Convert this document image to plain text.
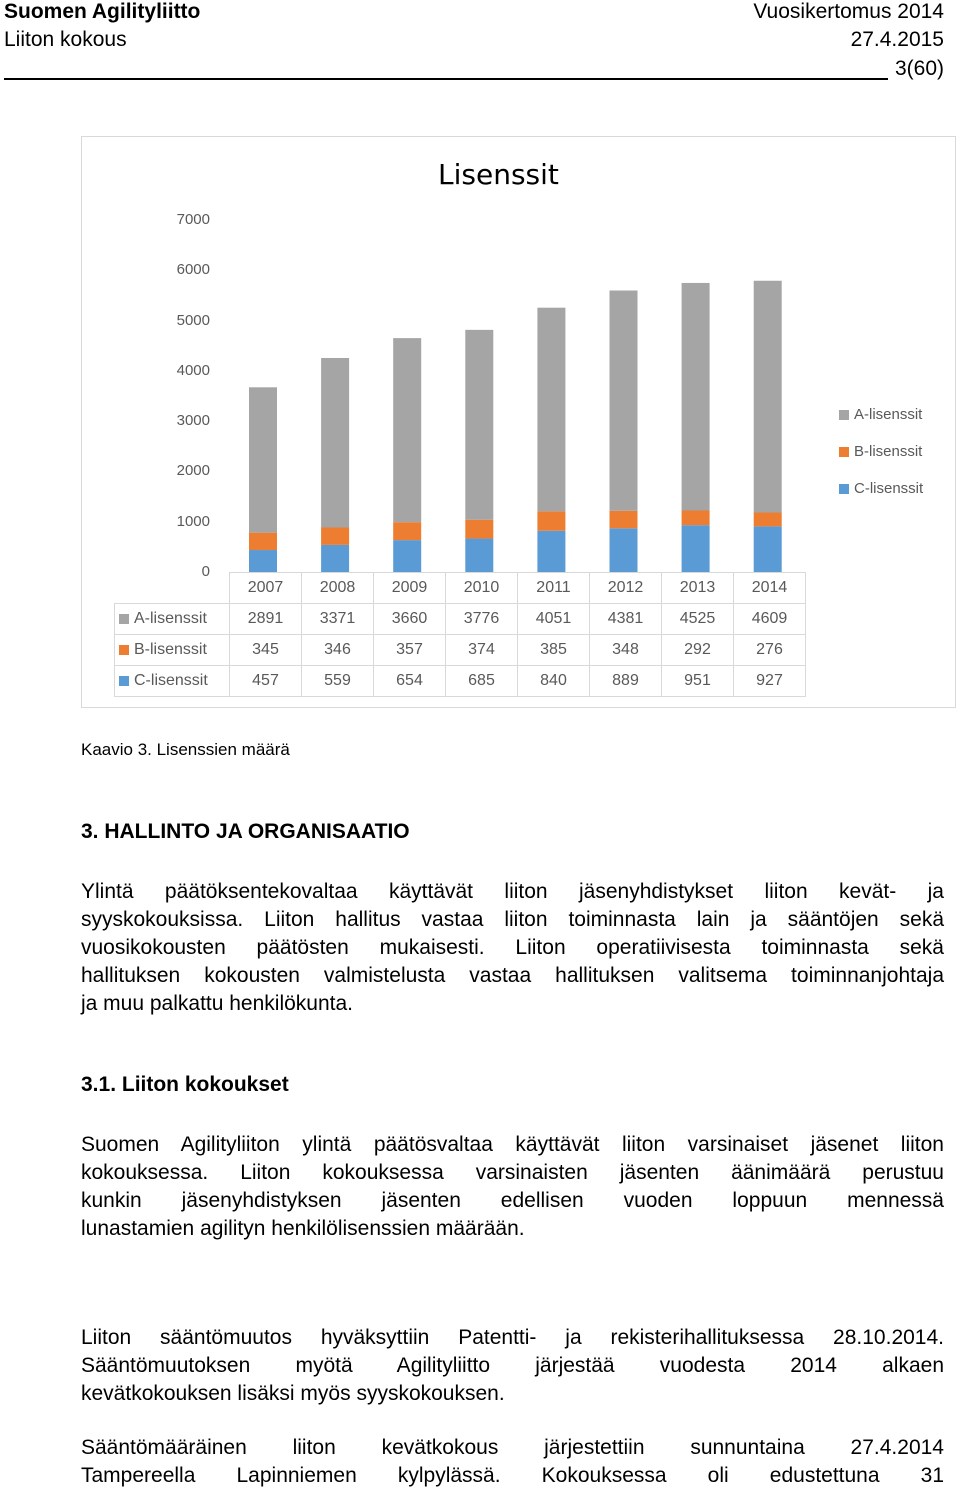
Suomen Agilityliitto	Vuosikertomus 2014
Liiton kokous	27.4.2015
3(60)
Lisenssit
0
1000
2000
3000
4000
5000
6000
7000
A-lisenssit
B-lisenssit
C-lisenssit
	2007	2008	2009	2010	2011	2012	2013	2014
A-lisenssit	2891	3371	3660	3776	4051	4381	4525	4609
B-lisenssit	345	346	357	374	385	348	292	276
C-lisenssit	457	559	654	685	840	889	951	927
Kaavio 3. Lisenssien määrä
3. HALLINTO JA ORGANISAATIO
Ylintä päätöksentekovaltaa käyttävät liiton jäsenyhdistykset liiton kevät- ja
syyskokouksissa. Liiton hallitus vastaa liiton toiminnasta lain ja sääntöjen sekä
vuosikokousten päätösten mukaisesti. Liiton operatiivisesta toiminnasta sekä
hallituksen kokousten valmistelusta vastaa hallituksen valitsema toiminnanjohtaja
ja muu palkattu henkilökunta.
3.1. Liiton kokoukset
Suomen Agilityliiton ylintä päätösvaltaa käyttävät liiton varsinaiset jäsenet liiton
kokouksessa. Liiton kokouksessa varsinaisten jäsenten äänimäärä perustuu
kunkin jäsenyhdistyksen jäsenten edellisen vuoden loppuun mennessä
lunastamien agilityn henkilölisenssien määrään.
Liiton sääntömuutos hyväksyttiin Patentti- ja rekisterihallituksessa 28.10.2014.
Sääntömuutoksen myötä Agilityliitto järjestää vuodesta 2014 alkaen
kevätkokouksen lisäksi myös syyskokouksen.
Sääntömääräinen liiton kevätkokous järjestettiin sunnuntaina 27.4.2014
Tampereella Lapinniemen kylpylässä. Kokouksessa oli edustettuna 31
